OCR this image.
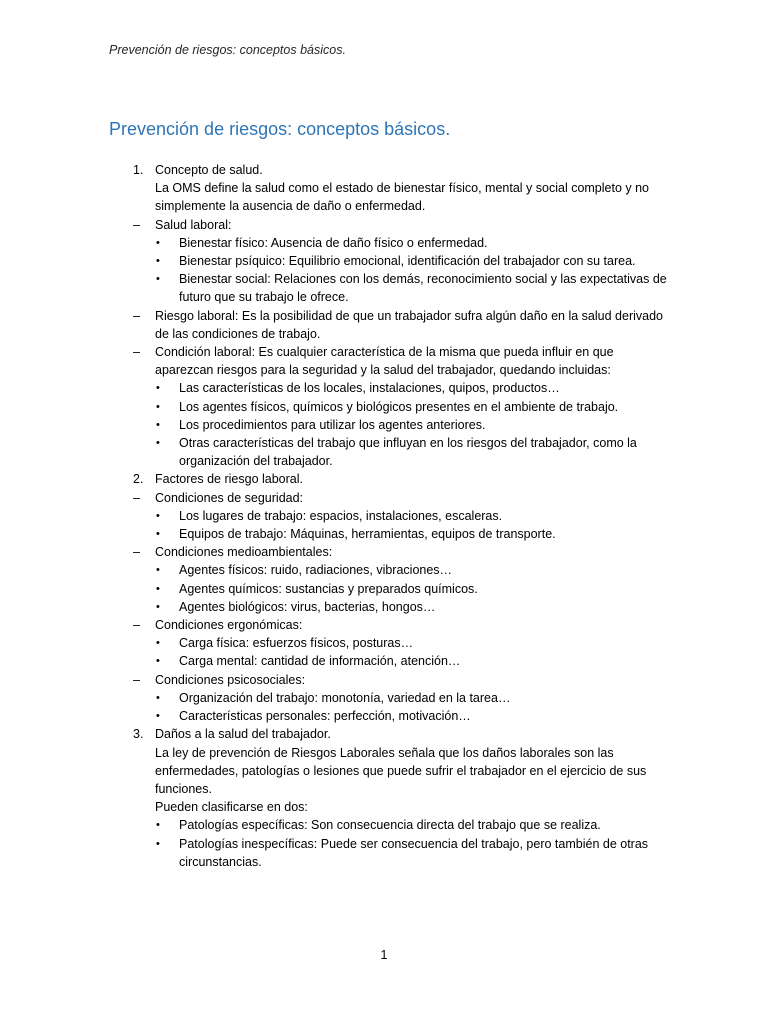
Prevención de riesgos: conceptos básicos.
Prevención de riesgos: conceptos básicos.
1. Concepto de salud.
La OMS define la salud como el estado de bienestar físico, mental y social completo y no simplemente la ausencia de daño o enfermedad.
–	Salud laboral:
•	Bienestar físico: Ausencia de daño físico o enfermedad.
•	Bienestar psíquico: Equilibrio emocional, identificación del trabajador con su tarea.
•	Bienestar social: Relaciones con los demás, reconocimiento social y las expectativas de futuro que su trabajo le ofrece.
–	Riesgo laboral: Es la posibilidad de que un trabajador sufra algún daño en la salud derivado de las condiciones de trabajo.
–	Condición laboral: Es cualquier característica de la misma que pueda influir en que aparezcan riesgos para la seguridad y la salud del trabajador, quedando incluidas:
•	Las características de los locales, instalaciones, quipos, productos…
•	Los agentes físicos, químicos y biológicos presentes en el ambiente de trabajo.
•	Los procedimientos para utilizar los agentes anteriores.
•	Otras características del trabajo que influyan en los riesgos del trabajador, como la organización del trabajador.
2. Factores de riesgo laboral.
–	Condiciones de seguridad:
•	Los lugares de trabajo: espacios, instalaciones, escaleras.
•	Equipos de trabajo: Máquinas, herramientas, equipos de transporte.
–	Condiciones medioambientales:
•	Agentes físicos: ruido, radiaciones, vibraciones…
•	Agentes químicos: sustancias y preparados químicos.
•	Agentes biológicos: virus, bacterias, hongos…
–	Condiciones ergonómicas:
•	Carga física: esfuerzos físicos, posturas…
•	Carga mental: cantidad de información, atención…
–	Condiciones psicosociales:
•	Organización del trabajo: monotonía, variedad en la tarea…
•	Características personales: perfección, motivación…
3. Daños a la salud del trabajador.
La ley de prevención de Riesgos Laborales señala que los daños laborales son las enfermedades, patologías o lesiones que puede sufrir el trabajador en el ejercicio de sus funciones.
Pueden clasificarse en dos:
•	Patologías específicas: Son consecuencia directa del trabajo que se realiza.
•	Patologías inespecíficas: Puede ser consecuencia del trabajo, pero también de otras circunstancias.
1
